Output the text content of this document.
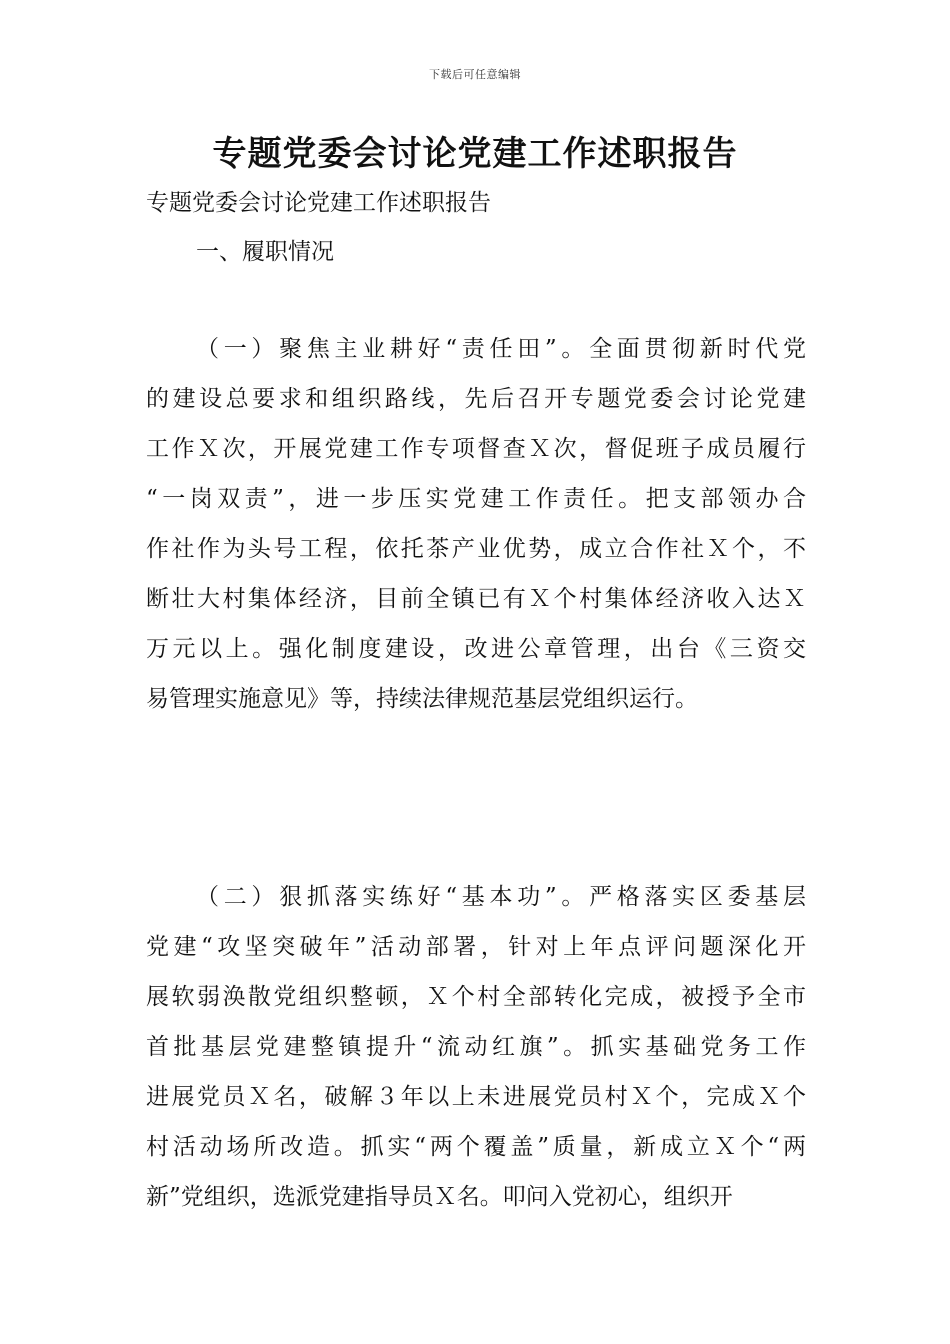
下载后可任意编辑
专题党委会讨论党建工作述职报告

专题党委会讨论党建工作述职报告

一、履职情况

（一）聚焦主业耕好“责任田”。全面贯彻新时代党

的建设总要求和组织路线，先后召开专题党委会讨论党建

工作Ｘ次，开展党建工作专项督查Ｘ次，督促班子成员履行

“一岗双责”，进一步压实党建工作责任。把支部领办合

作社作为头号工程，依托茶产业优势，成立合作社Ｘ个，不

断壮大村集体经济，目前全镇已有Ｘ个村集体经济收入达Ｘ

万元以上。强化制度建设，改进公章管理，出台《三资交

易管理实施意见》等，持续法律规范基层党组织运行。

（二）狠抓落实练好“基本功”。严格落实区委基层

党建“攻坚突破年”活动部署，针对上年点评问题深化开

展软弱涣散党组织整顿，Ｘ个村全部转化完成，被授予全市

首批基层党建整镇提升“流动红旗”。抓实基础党务工作

进展党员Ｘ名，破解３年以上未进展党员村Ｘ个，完成Ｘ个

村活动场所改造。抓实“两个覆盖”质量，新成立Ｘ个“两

新”党组织，选派党建指导员Ｘ名。叩问入党初心，组织开
